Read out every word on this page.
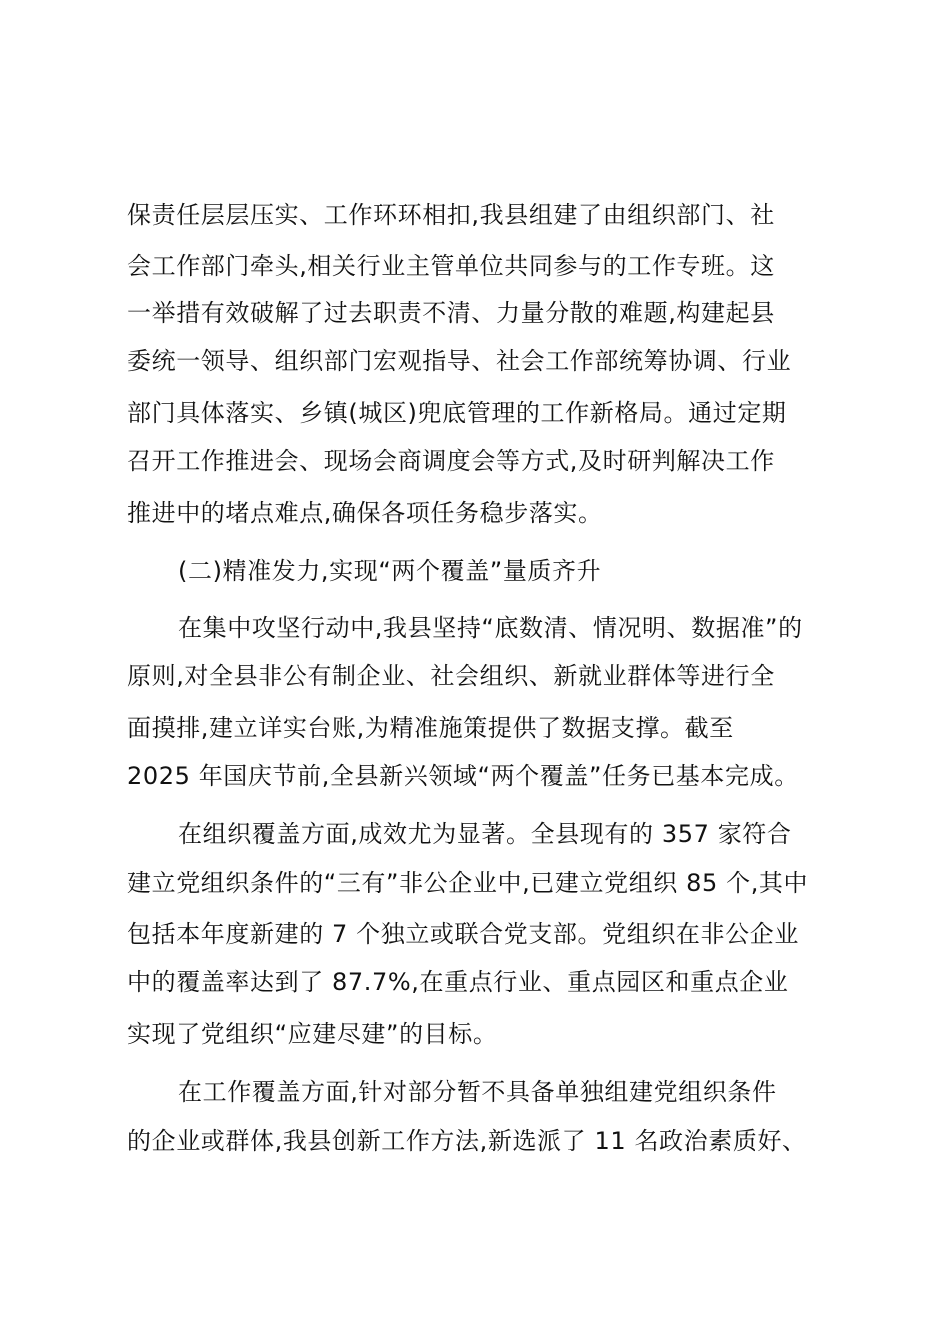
保责任层层压实、工作环环相扣,我县组建了由组织部门、社
会工作部门牵头,相关行业主管单位共同参与的工作专班。这
一举措有效破解了过去职责不清、力量分散的难题,构建起县
委统一领导、组织部门宏观指导、社会工作部统筹协调、行业
部门具体落实、乡镇(城区)兜底管理的工作新格局。通过定期
召开工作推进会、现场会商调度会等方式,及时研判解决工作
推进中的堵点难点,确保各项任务稳步落实。
(二)精准发力,实现“两个覆盖”量质齐升
在集中攻坚行动中,我县坚持“底数清、情况明、数据准”的
原则,对全县非公有制企业、社会组织、新就业群体等进行全
面摸排,建立详实台账,为精准施策提供了数据支撑。截至
2025 年国庆节前,全县新兴领域“两个覆盖”任务已基本完成。
在组织覆盖方面,成效尤为显著。全县现有的 357 家符合
建立党组织条件的“三有”非公企业中,已建立党组织 85 个,其中
包括本年度新建的 7 个独立或联合党支部。党组织在非公企业
中的覆盖率达到了 87.7%,在重点行业、重点园区和重点企业
实现了党组织“应建尽建”的目标。
在工作覆盖方面,针对部分暂不具备单独组建党组织条件
的企业或群体,我县创新工作方法,新选派了 11 名政治素质好、
